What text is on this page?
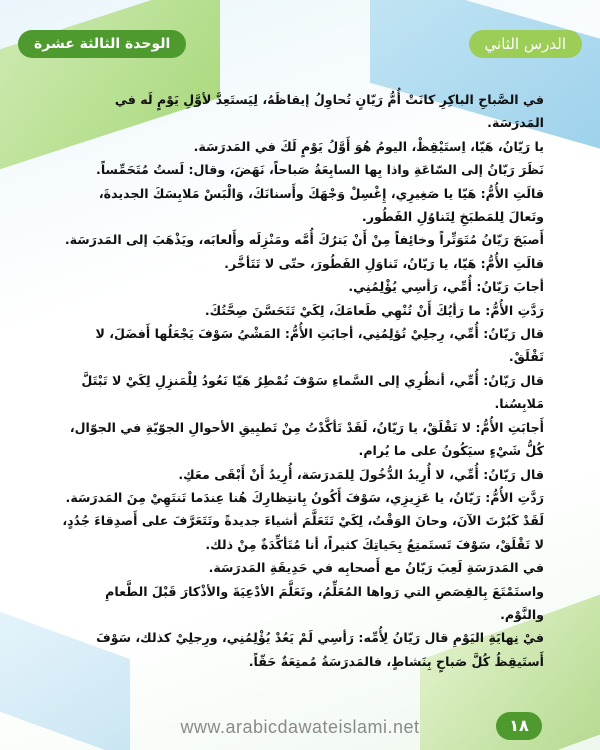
الوحدة الثالثة عشرة	الدرس الثاني

في الصَّباحِ الباكِرِ كانَتْ أُمُّ رَيّانٍ تُحاوِلُ إيقاظَهُ، لِيَستَعِدَّ لأوَّلِ يَوْمٍ لَه في المَدرَسَة.

يا رَيّانُ، هَيّا، اِستَيْقِظْ، اليومُ هُوَ أَوَّلُ يَوْمٍ لَكَ في المَدرَسَة.

نَظَرَ رَيّانُ إلى السّاعَةِ واذا بِها السابِعَةُ صَباحاً، نَهَضَ، وقال: لَستُ مُتَحَمِّساً.

قالَتِ الأُمُّ: هَيّا يا صَغِيرِي، إِغْسِلْ وَجْهَكَ وأَسنانَكَ، وَالْبَسْ مَلابِسَكَ الجديدةَ، وتَعالَ لِلمَطبَخِ لِتَناوُلِ الفَطُور.

أَصبَحَ رَيّانُ مُتَوَتِّراً وخائِفاً مِنْ أَنْ يَترُكَ أُمَّه ومَنْزِلَه وأَلعابَه، ويَذْهَبَ إلى المَدرَسَة.

قالَتِ الأُمُّ: هَيّا، يا رَيّانُ، تَناوَلِ الفَطُورَ، حتّى لا تَتَأخَّر.

أجابَ رَيّانُ: أُمِّي، رَأسِي يُؤْلِمُنِي.

رَدَّتِ الأُمُّ: ما رَأيُكَ أَنْ تُنْهِي طَعامَكَ، لِكَيْ تَتَحَسَّنَ صِحَّتُكَ.

قال رَيّانُ: أُمِّي، رِجلِيْ تُؤلِمُنِي، أجابَتِ الأُمُّ: المَشْيُ سَوْفَ يَجْعَلُها أَفضَلَ، لا تَقْلَقْ.

قال رَيّانُ: أُمِّي، أنظُرِي إلى السَّماءِ سَوْفَ تُمْطِرُ هَيّا نَعُودُ لِلْمَنزِلِ لِكَيْ لا تَبْتَلَّ مَلابِسُنا.

أَجابَتِ الأُمُّ: لا تَقْلَقْ، يا رَيّانُ، لَقَدْ تَأكَّدْتُ مِنْ تَطبِيقِ الأحوالِ الجوّيّةِ في الجوّال، كُلُّ شَيْءٍ سيَكُونُ على ما يُرام.

قال رَيّانُ: أُمِّي، لا أُرِيدُ الدُّخُولَ لِلمَدرَسَة، أُرِيدُ أَنْ أَبْقَى معَكِ.

رَدَّتِ الأُمُّ: رَيّانُ، يا عَزِيزِي، سَوْفَ أَكُونُ بِانتِظارِكَ هُنا عِندَما تَنتَهِيْ مِنَ المَدرَسَة.

لَقَدْ كَبُرْتَ الآنَ، وحانَ الوَقْتُ، لِكَيْ تَتَعَلَّمَ أشياءَ جديدةً وتَتَعَرَّفَ على أَصدِقاءَ جُدُدٍ، لا تَقْلَقْ، سَوْفَ تَستَمتِعُ بِحَياتِكَ كثيراً، أنا مُتَأكِّدَةٌ مِنْ ذلك.

في المَدرَسَةِ لَعِبَ رَيّانُ مع أَصحابِه في حَدِيقَةِ المَدرَسَة.

واستَمْتَعَ بِالقِصَصِ التي رَواها المُعَلِّمُ، وتَعَلَّمَ الأدْعِيَةَ والأذْكارَ قَبْلَ الطَّعامِ والنَّوْم.

فيْ نِهايَةِ اليَوْمِ قال رَيّانُ لِأُمِّه: رَأسِي لَمْ يَعُدْ يُؤْلِمُنِي، ورِجلِيْ كذلك، سَوْفَ أَستَيقِظُ كُلَّ صَباحٍ بِنَشاطٍ، فالمَدرَسَةُ مُمتِعَةٌ حَقّاً.

www.arabicdawateislami.net	١٨
